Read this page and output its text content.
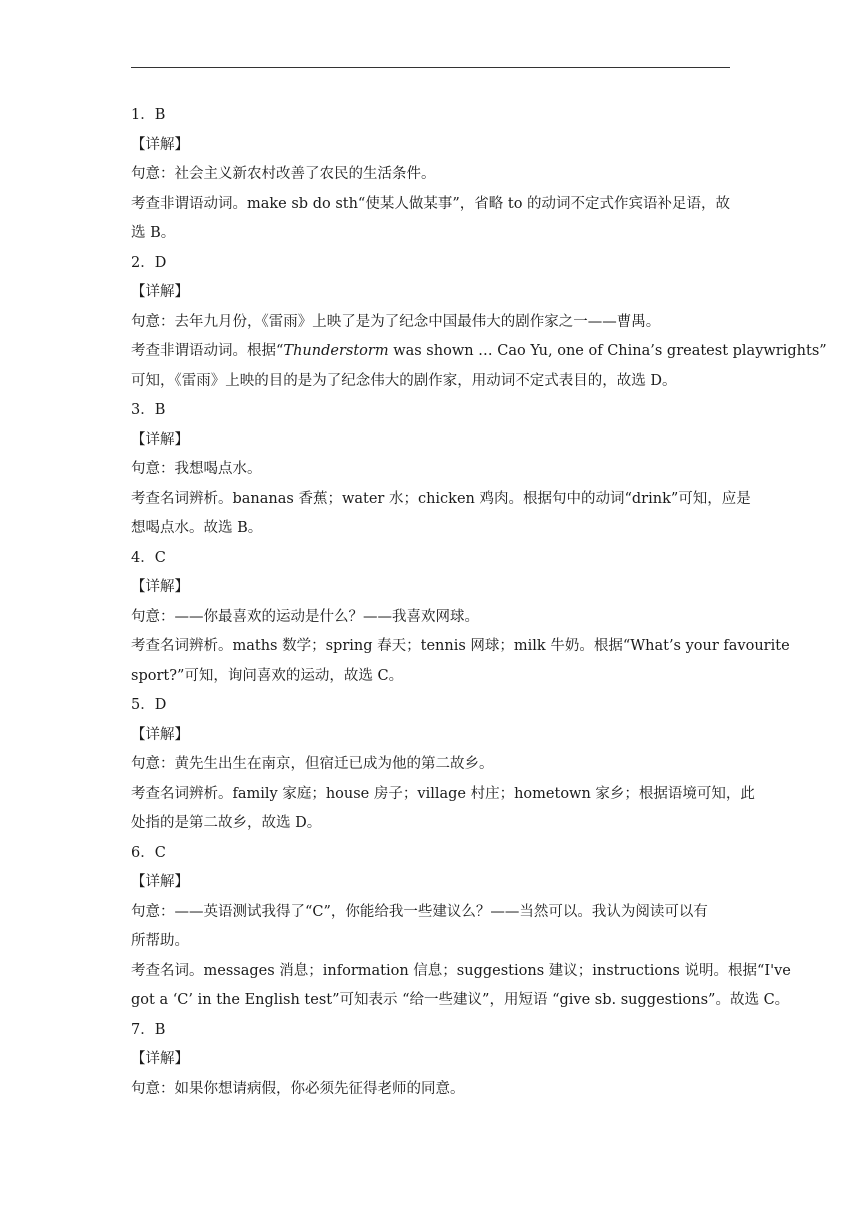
1．B
【详解】
句意：社会主义新农村改善了农民的生活条件。
考查非谓语动词。make sb do sth“使某人做某事”，省略 to 的动词不定式作宾语补足语，故
选 B。
2．D
【详解】
句意：去年九月份，《雷雨》上映了是为了纪念中国最伟大的剧作家之一——曹禺。
考查非谓语动词。根据“Thunderstorm was shown … Cao Yu, one of China’s greatest playwrights”
可知，《雷雨》上映的目的是为了纪念伟大的剧作家，用动词不定式表目的，故选 D。
3．B
【详解】
句意：我想喝点水。
考查名词辨析。bananas 香蕉；water 水；chicken 鸡肉。根据句中的动词“drink”可知，应是
想喝点水。故选 B。
4．C
【详解】
句意：——你最喜欢的运动是什么？——我喜欢网球。
考查名词辨析。maths 数学；spring 春天；tennis 网球；milk 牛奶。根据“What’s your favourite
sport?”可知，询问喜欢的运动，故选 C。
5．D
【详解】
句意：黄先生出生在南京，但宿迁已成为他的第二故乡。
考查名词辨析。family 家庭；house 房子；village 村庄；hometown 家乡；根据语境可知，此
处指的是第二故乡，故选 D。
6．C
【详解】
句意：——英语测试我得了“C”，你能给我一些建议么？——当然可以。我认为阅读可以有
所帮助。
考查名词。messages 消息；information 信息；suggestions 建议；instructions 说明。根据“I've
got a ‘C’ in the English test”可知表示 “给一些建议”，用短语 “give sb. suggestions”。故选 C。
7．B
【详解】
句意：如果你想请病假，你必须先征得老师的同意。
